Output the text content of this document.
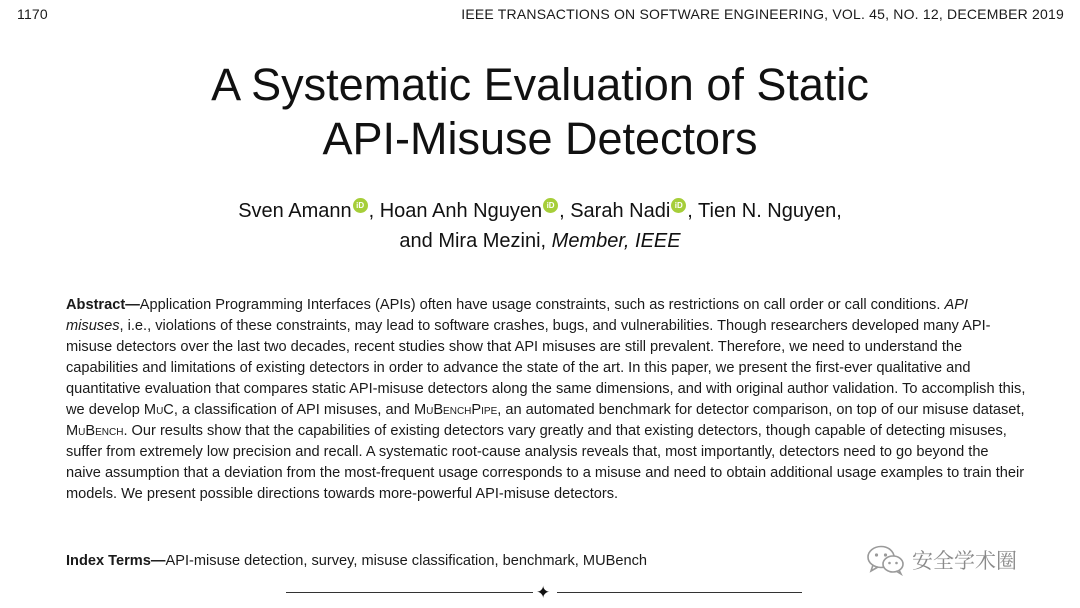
1170	IEEE TRANSACTIONS ON SOFTWARE ENGINEERING, VOL. 45, NO. 12, DECEMBER 2019
A Systematic Evaluation of Static
API-Misuse Detectors
Sven Amann iD , Hoan Anh Nguyen iD , Sarah Nadi iD , Tien N. Nguyen,
and Mira Mezini, Member, IEEE
Abstract—Application Programming Interfaces (APIs) often have usage constraints, such as restrictions on call order or call conditions. API misuses, i.e., violations of these constraints, may lead to software crashes, bugs, and vulnerabilities. Though researchers developed many API-misuse detectors over the last two decades, recent studies show that API misuses are still prevalent. Therefore, we need to understand the capabilities and limitations of existing detectors in order to advance the state of the art. In this paper, we present the first-ever qualitative and quantitative evaluation that compares static API-misuse detectors along the same dimensions, and with original author validation. To accomplish this, we develop MuC, a classification of API misuses, and MuBenchPipe, an automated benchmark for detector comparison, on top of our misuse dataset, MuBench. Our results show that the capabilities of existing detectors vary greatly and that existing detectors, though capable of detecting misuses, suffer from extremely low precision and recall. A systematic root-cause analysis reveals that, most importantly, detectors need to go beyond the naive assumption that a deviation from the most-frequent usage corresponds to a misuse and need to obtain additional usage examples to train their models. We present possible directions towards more-powerful API-misuse detectors.
Index Terms—API-misuse detection, survey, misuse classification, benchmark, MUBench
✦
安全学术圈
